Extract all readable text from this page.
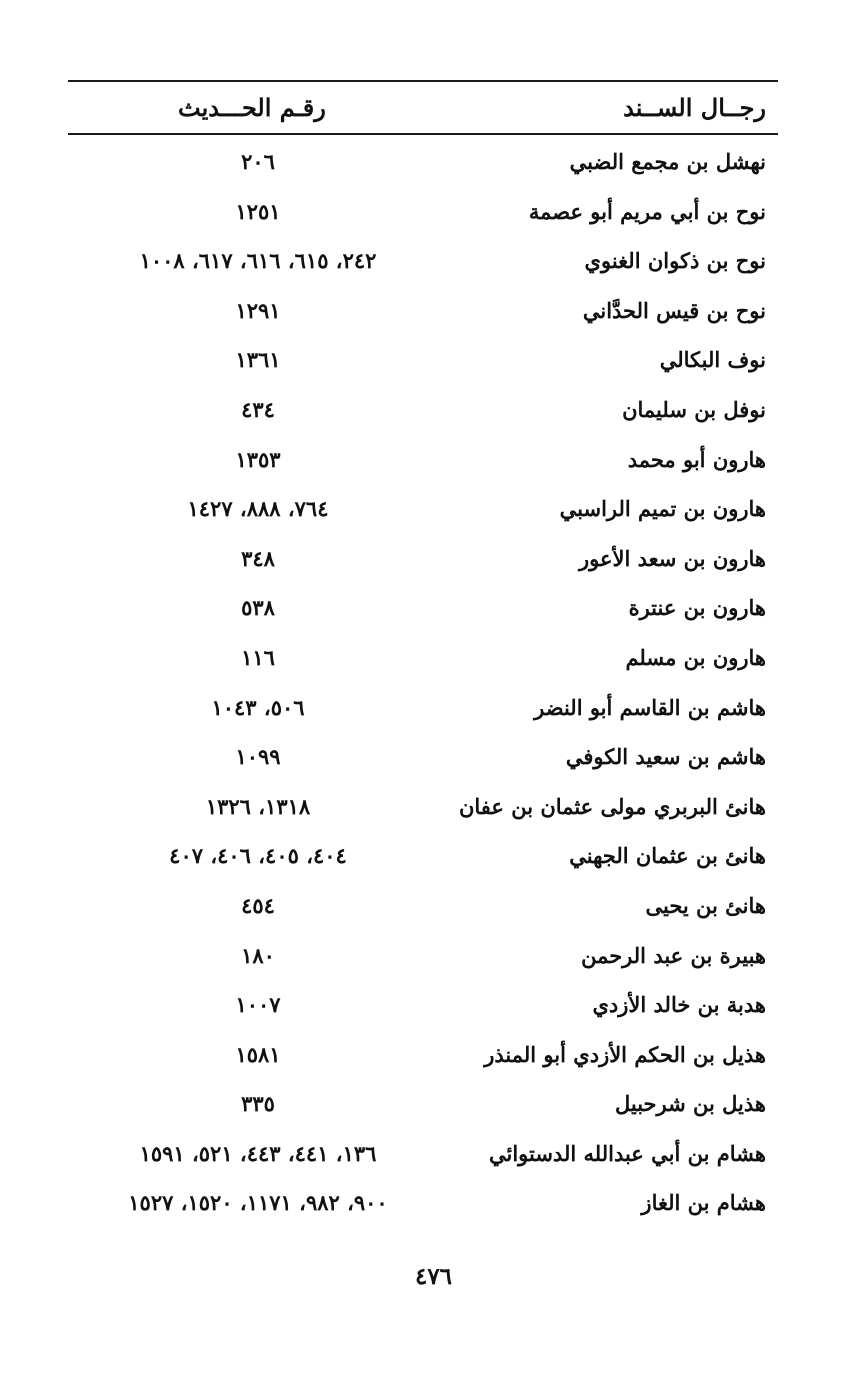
رجــال الســند
رقـم الحـــديث
نهشل بن مجمع الضبي
٢٠٦
نوح بن أبي مريم أبو عصمة
١٢٥١
نوح بن ذكوان الغنوي
٢٤٢، ٦١٥، ٦١٦، ٦١٧، ١٠٠٨
نوح بن قيس الحدَّاني
١٢٩١
نوف البكالي
١٣٦١
نوفل بن سليمان
٤٣٤
هارون أبو محمد
١٣٥٣
هارون بن تميم الراسبي
٧٦٤، ٨٨٨، ١٤٢٧
هارون بن سعد الأعور
٣٤٨
هارون بن عنترة
٥٣٨
هارون بن مسلم
١١٦
هاشم بن القاسم أبو النضر
٥٠٦، ١٠٤٣
هاشم بن سعيد الكوفي
١٠٩٩
هانئ البربري مولى عثمان بن عفان
١٣١٨، ١٣٢٦
هانئ بن عثمان الجهني
٤٠٤، ٤٠٥، ٤٠٦، ٤٠٧
هانئ بن يحيى
٤٥٤
هبيرة بن عبد الرحمن
١٨٠
هدبة بن خالد الأزدي
١٠٠٧
هذيل بن الحكم الأزدي أبو المنذر
١٥٨١
هذيل بن شرحبيل
٣٣٥
هشام بن أبي عبدالله الدستوائي
١٣٦، ٤٤١، ٤٤٣، ٥٢١، ١٥٩١
هشام بن الغاز
٩٠٠، ٩٨٢، ١١٧١، ١٥٢٠، ١٥٢٧
٤٧٦
